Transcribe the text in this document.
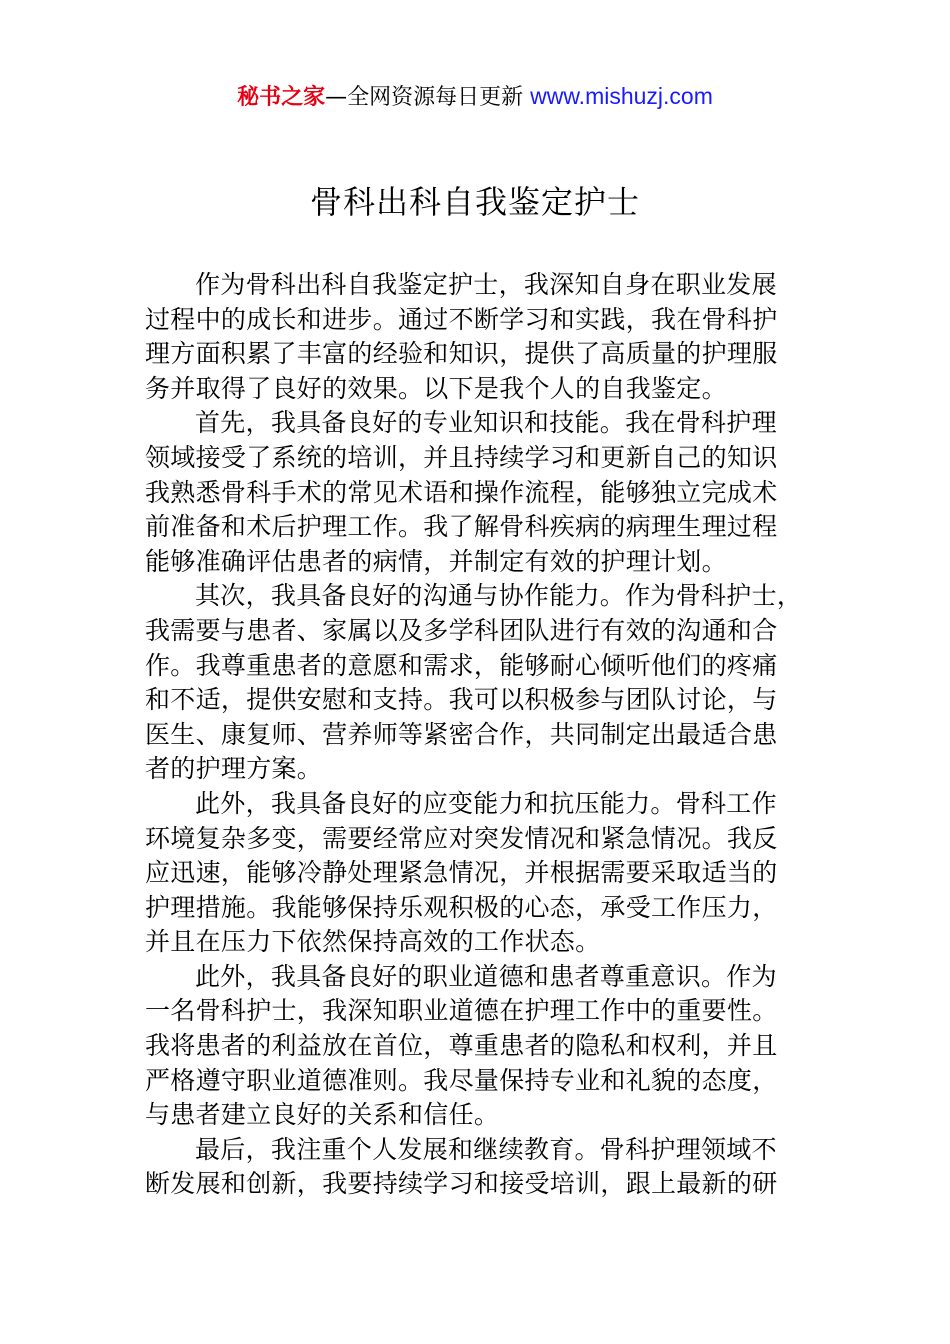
秘书之家—全网资源每日更新 www.mishuzj.com
骨科出科自我鉴定护士
作为骨科出科自我鉴定护士，我深知自身在职业发展
过程中的成长和进步。通过不断学习和实践，我在骨科护
理方面积累了丰富的经验和知识，提供了高质量的护理服
务并取得了良好的效果。以下是我个人的自我鉴定。
首先，我具备良好的专业知识和技能。我在骨科护理
领域接受了系统的培训，并且持续学习和更新自己的知识
我熟悉骨科手术的常见术语和操作流程，能够独立完成术
前准备和术后护理工作。我了解骨科疾病的病理生理过程
能够准确评估患者的病情，并制定有效的护理计划。
其次，我具备良好的沟通与协作能力。作为骨科护士，
我需要与患者、家属以及多学科团队进行有效的沟通和合
作。我尊重患者的意愿和需求，能够耐心倾听他们的疼痛
和不适，提供安慰和支持。我可以积极参与团队讨论，与
医生、康复师、营养师等紧密合作，共同制定出最适合患
者的护理方案。
此外，我具备良好的应变能力和抗压能力。骨科工作
环境复杂多变，需要经常应对突发情况和紧急情况。我反
应迅速，能够冷静处理紧急情况，并根据需要采取适当的
护理措施。我能够保持乐观积极的心态，承受工作压力，
并且在压力下依然保持高效的工作状态。
此外，我具备良好的职业道德和患者尊重意识。作为
一名骨科护士，我深知职业道德在护理工作中的重要性。
我将患者的利益放在首位，尊重患者的隐私和权利，并且
严格遵守职业道德准则。我尽量保持专业和礼貌的态度，
与患者建立良好的关系和信任。
最后，我注重个人发展和继续教育。骨科护理领域不
断发展和创新，我要持续学习和接受培训，跟上最新的研
